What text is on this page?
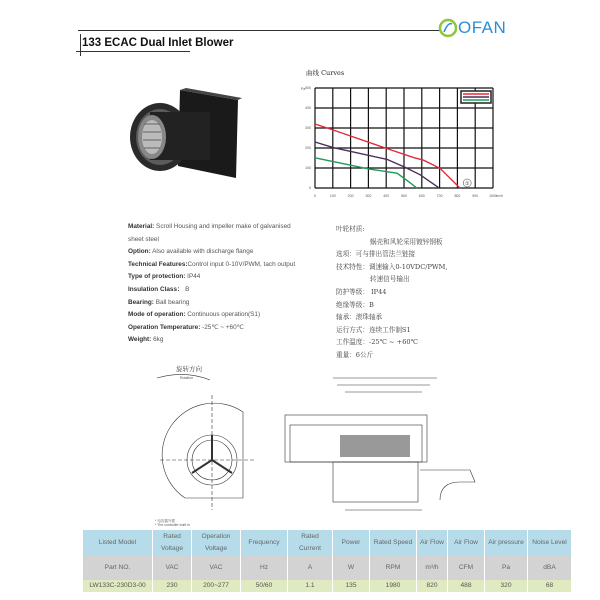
133 ECAC Dual Inlet Blower
OFAN
曲线 Curves
①
0	100	200	300	400	500	600	700	800	900	1000
0
100
200
300
400
500
m³/h
Pa
Material: Scroll Housing and impeller make of galvanised sheet steel
Option: Also available with discharge flange
Technical Features:Control input 0-10V/PWM, tach output
Type of protection: IP44
Insulation Class： B
Bearing: Ball bearing
Mode of operation: Continuous operation(S1)
Operation Temperature: -25℃ ~ +60℃
Weight: 6kg
叶轮材质:
蜗壳和风轮采用镀锌钢板
选项：可与排出管法兰链接
技术特性：调速输入0-10VDC/PWM,
转速信号输出
防护等级： IP44
绝缘等级：B
轴承：滚珠轴承
运行方式：连续工作制S1
工作温度：-25℃ ~ +60℃
重量：6公斤
旋转方向
Rotation
* 电容器外置
* The controller built in
Listed Model	Rated Voltage	Operation Voltage	Frequency	Rated Current	Power	Rated Speed	Air Flow	Air Flow	Air pressure	Noise Level
Part NO.	VAC	VAC	Hz	A	W	RPM	m³/h	CFM	Pa	dBA
LW133C-230D3-00	230	200~277	50/60	1.1	135	1980	820	488	320	68
